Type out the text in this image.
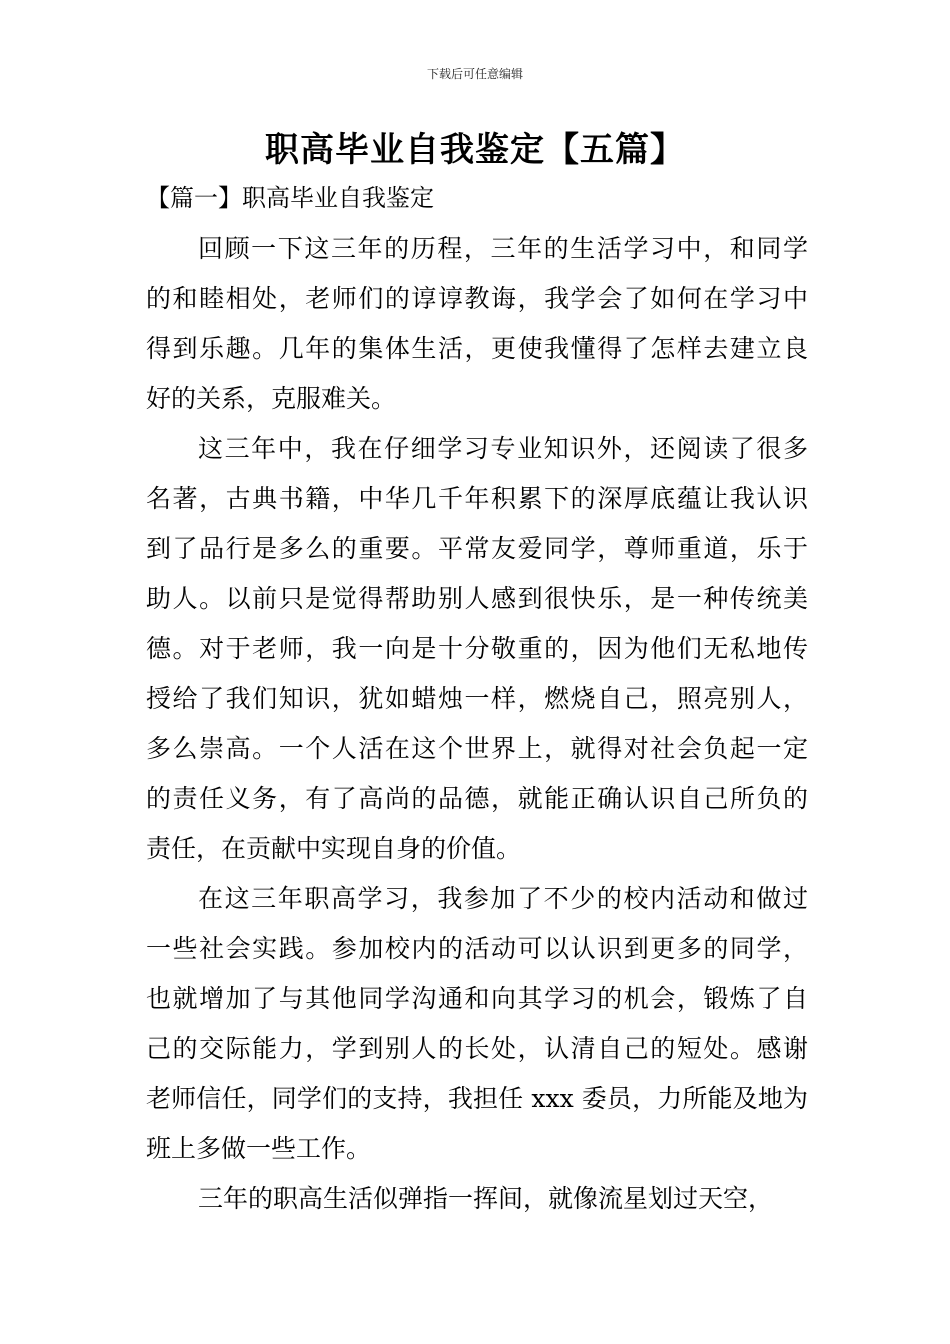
下载后可任意编辑
职高毕业自我鉴定【五篇】
【篇一】职高毕业自我鉴定
回顾一下这三年的历程，三年的生活学习中，和同学
的和睦相处，老师们的谆谆教诲，我学会了如何在学习中
得到乐趣。几年的集体生活，更使我懂得了怎样去建立良
好的关系，克服难关。
这三年中，我在仔细学习专业知识外，还阅读了很多
名著，古典书籍，中华几千年积累下的深厚底蕴让我认识
到了品行是多么的重要。平常友爱同学，尊师重道，乐于
助人。以前只是觉得帮助别人感到很快乐，是一种传统美
德。对于老师，我一向是十分敬重的，因为他们无私地传
授给了我们知识，犹如蜡烛一样，燃烧自己，照亮别人，
多么崇高。一个人活在这个世界上，就得对社会负起一定
的责任义务，有了高尚的品德，就能正确认识自己所负的
责任，在贡献中实现自身的价值。
在这三年职高学习，我参加了不少的校内活动和做过
一些社会实践。参加校内的活动可以认识到更多的同学，
也就增加了与其他同学沟通和向其学习的机会，锻炼了自
己的交际能力，学到别人的长处，认清自己的短处。感谢
老师信任，同学们的支持，我担任 xxx 委员，力所能及地为
班上多做一些工作。
三年的职高生活似弹指一挥间，就像流星划过天空，
